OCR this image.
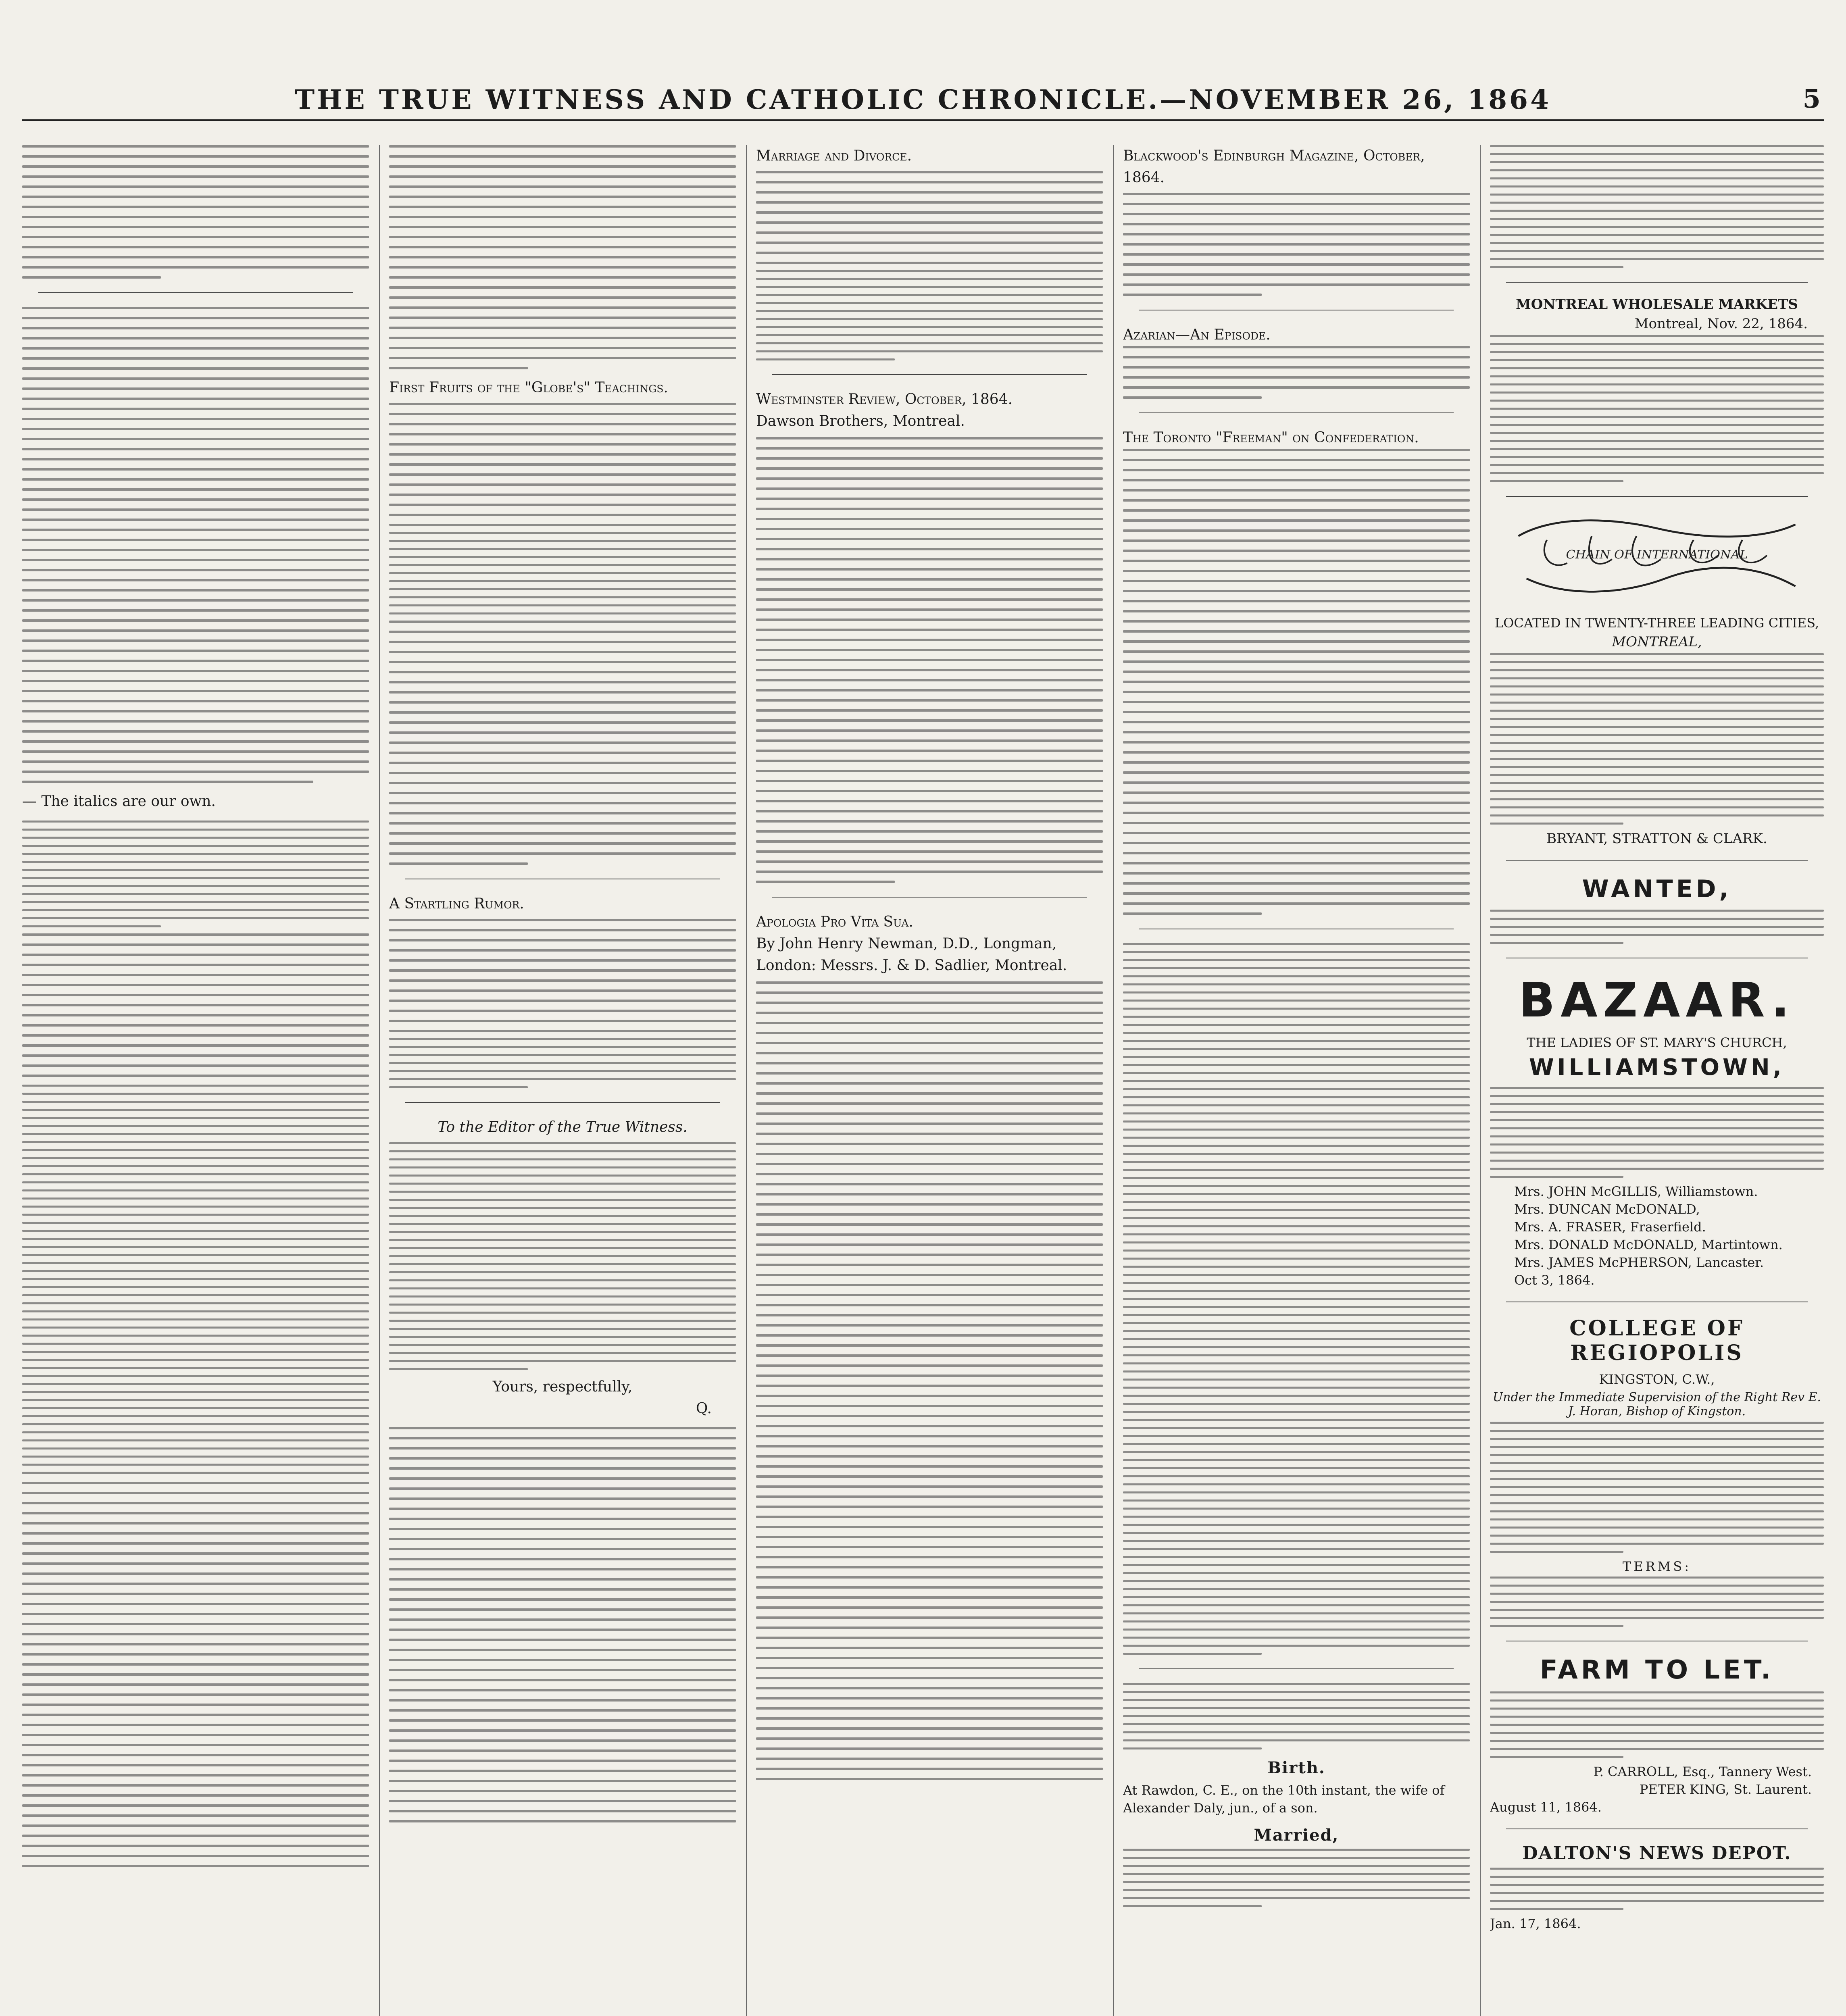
THE TRUE WITNESS AND CATHOLIC CHRONICLE.—NOVEMBER 26, 1864	5
— The italics are our own.
First Fruits of the "Globe's" Teachings.
A Startling Rumor.
To the Editor of the True Witness.
Yours, respectfully,
Q.
Marriage and Divorce.
Westminster Review, October, 1864.
Dawson Brothers, Montreal.
Apologia Pro Vita Sua.
By John Henry Newman, D.D., Longman, London: Messrs. J. & D. Sadlier, Montreal.
Blackwood's Edinburgh Magazine, October, 1864.
Azarian—An Episode.
The Toronto "Freeman" on Confederation.
Birth.
At Rawdon, C. E., on the 10th instant, the wife of Alexander Daly, jun., of a son.
Married,
MONTREAL WHOLESALE MARKETS
Montreal, Nov. 22, 1864.
CHAIN OF INTERNATIONAL
LOCATED IN TWENTY-THREE LEADING CITIES,
MONTREAL,
BRYANT, STRATTON & CLARK.
WANTED,
BAZAAR.
THE LADIES OF ST. MARY'S CHURCH,
WILLIAMSTOWN,
Mrs. JOHN McGILLIS, Williamstown.
Mrs. DUNCAN McDONALD,
Mrs. A. FRASER, Fraserfield.
Mrs. DONALD McDONALD, Martintown.
Mrs. JAMES McPHERSON, Lancaster.
Oct 3, 1864.
COLLEGE OF REGIOPOLIS
KINGSTON, C.W.,
Under the Immediate Supervision of the Right Rev E. J. Horan, Bishop of Kingston.
TERMS:
FARM TO LET.
P. CARROLL, Esq., Tannery West.
PETER KING, St. Laurent.
August 11, 1864.
DALTON'S NEWS DEPOT.
Jan. 17, 1864.
